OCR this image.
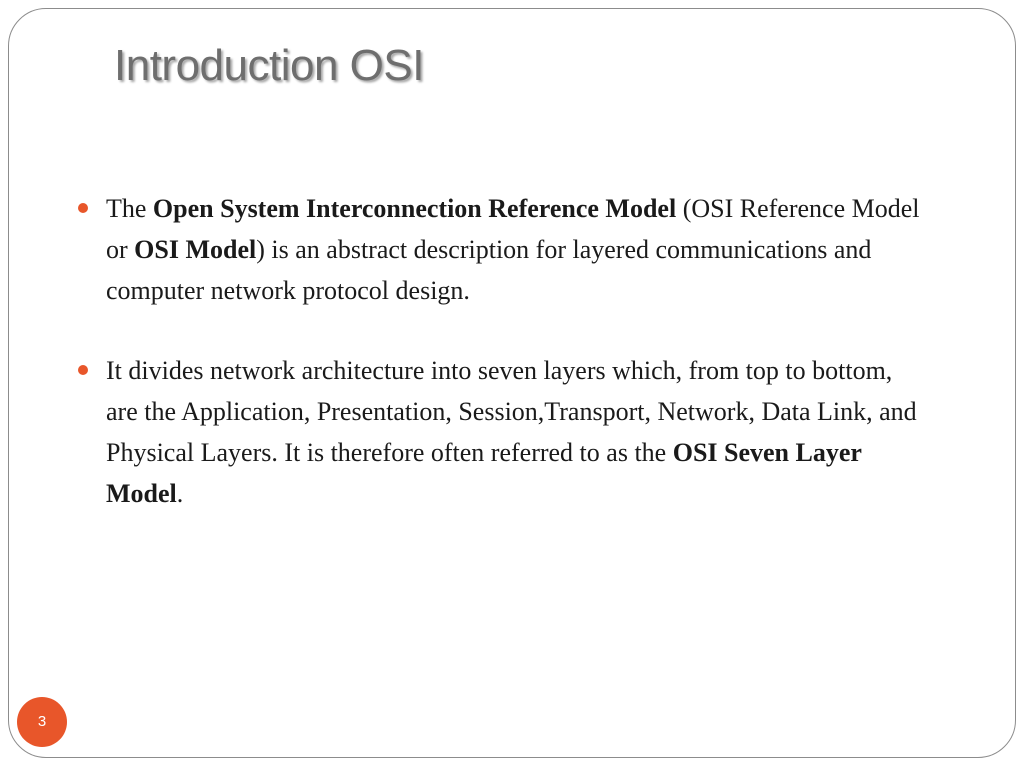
Introduction OSI
The Open System Interconnection Reference Model (OSI Reference Model or OSI Model) is an abstract description for layered communications and computer network protocol design.
It divides network architecture into seven layers which, from top to bottom, are the Application, Presentation, Session,Transport, Network, Data Link, and Physical Layers. It is therefore often referred to as the OSI Seven Layer Model.
3
